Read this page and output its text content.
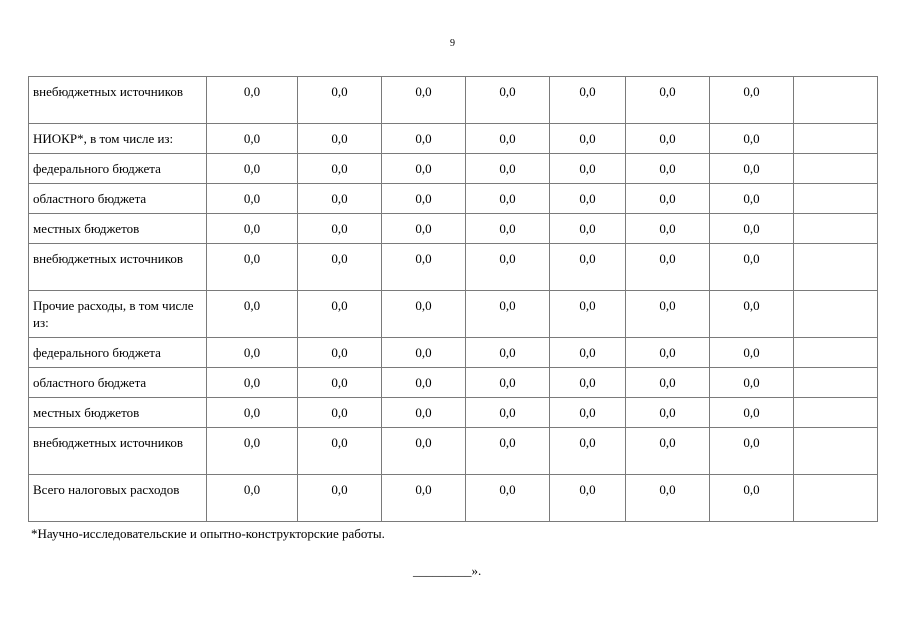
9
внебюджетных источников	0,0	0,0	0,0	0,0	0,0	0,0	0,0	
НИОКР*, в том числе из:	0,0	0,0	0,0	0,0	0,0	0,0	0,0	
федерального бюджета	0,0	0,0	0,0	0,0	0,0	0,0	0,0	
областного бюджета	0,0	0,0	0,0	0,0	0,0	0,0	0,0	
местных бюджетов	0,0	0,0	0,0	0,0	0,0	0,0	0,0	
внебюджетных источников	0,0	0,0	0,0	0,0	0,0	0,0	0,0	
Прочие расходы, в том числе из:	0,0	0,0	0,0	0,0	0,0	0,0	0,0	
федерального бюджета	0,0	0,0	0,0	0,0	0,0	0,0	0,0	
областного бюджета	0,0	0,0	0,0	0,0	0,0	0,0	0,0	
местных бюджетов	0,0	0,0	0,0	0,0	0,0	0,0	0,0	
внебюджетных источников	0,0	0,0	0,0	0,0	0,0	0,0	0,0	
Всего налоговых расходов	0,0	0,0	0,0	0,0	0,0	0,0	0,0	
*Научно-исследовательские и опытно-конструкторские работы.
_________».
